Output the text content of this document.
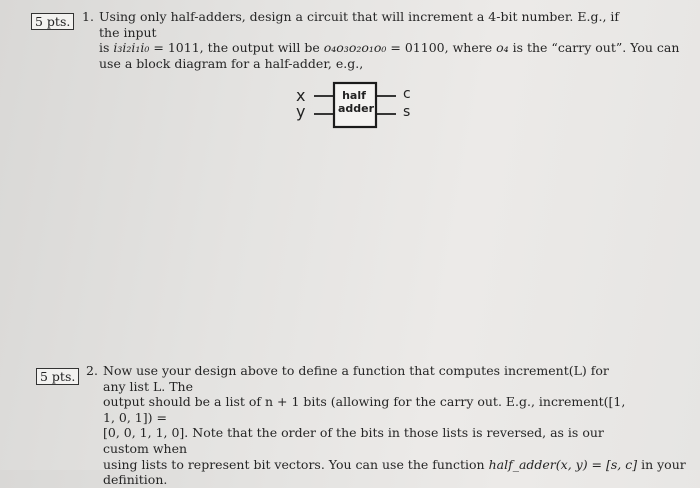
5 pts. 1. Using only half-adders, design a circuit that will increment a 4-bit number. E.g., if the input
is i₃i₂i₁i₀ = 1011, the output will be o₄o₃o₂o₁o₀ = 01100, where o₄ is the “carry out”. You can
use a block diagram for a half-adder, e.g.,
x
y
half
adder
c
s
5 pts. 2. Now use your design above to define a function that computes increment(L) for any list L. The
output should be a list of n + 1 bits (allowing for the carry out. E.g., increment([1, 1, 0, 1]) =
[0, 0, 1, 1, 0]. Note that the order of the bits in those lists is reversed, as is our custom when
using lists to represent bit vectors. You can use the function half_adder(x, y) = [s, c] in your
definition.
